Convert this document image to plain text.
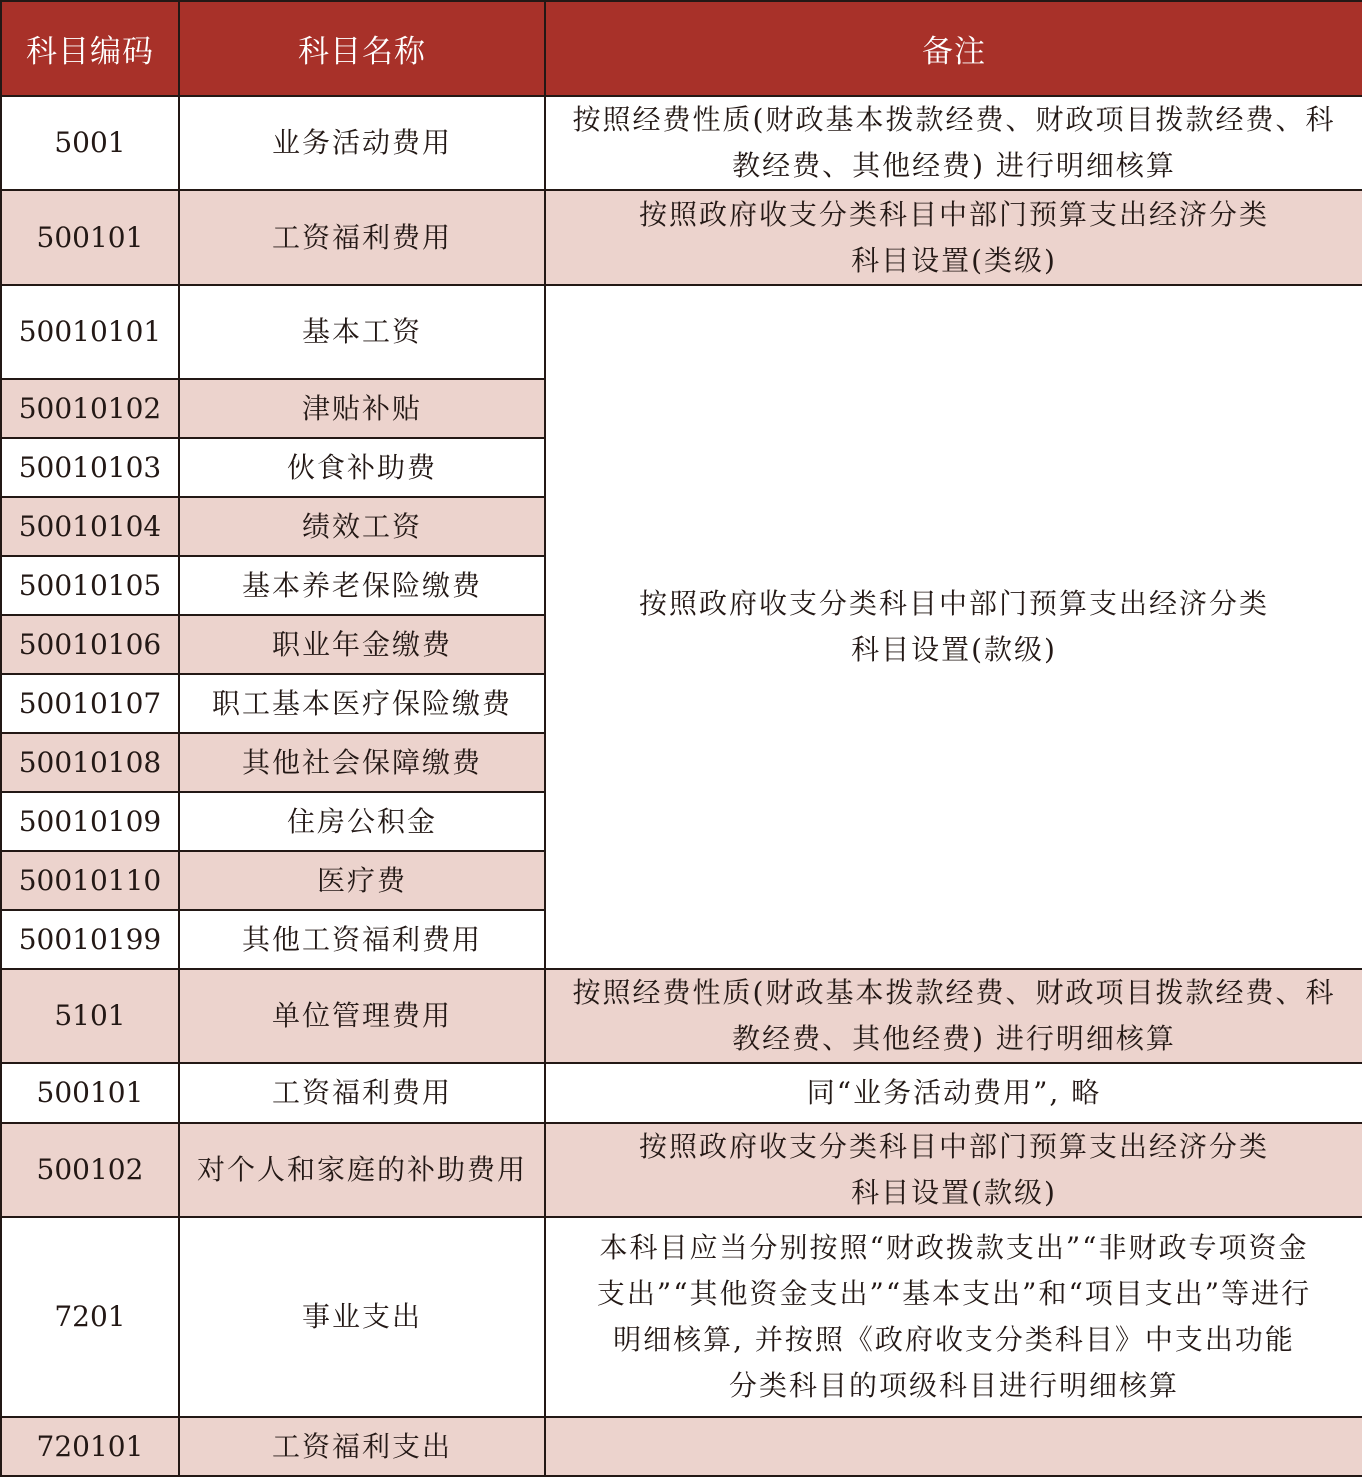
科目编码	科目名称	备注
5001	业务活动费用	按照经费性质(财政基本拨款经费、财政项目拨款经费、科
教经费、其他经费) 进行明细核算

500101	工资福利费用	按照政府收支分类科目中部门预算支出经济分类
科目设置(类级)

50010101	基本工资	按照政府收支分类科目中部门预算支出经济分类
科目设置(款级)

50010102	津贴补贴	
50010103	伙食补助费	
50010104	绩效工资	
50010105	基本养老保险缴费	
50010106	职业年金缴费	
50010107	职工基本医疗保险缴费	
50010108	其他社会保障缴费	
50010109	住房公积金	
50010110	医疗费	
50010199	其他工资福利费用	
5101	单位管理费用	按照经费性质(财政基本拨款经费、财政项目拨款经费、科
教经费、其他经费) 进行明细核算

500101	工资福利费用	同“业务活动费用”, 略

500102	对个人和家庭的补助费用	按照政府收支分类科目中部门预算支出经济分类
科目设置(款级)

7201	事业支出	本科目应当分别按照“财政拨款支出”“非财政专项资金
支出”“其他资金支出”“基本支出”和“项目支出”等进行
明细核算, 并按照《政府收支分类科目》中支出功能
分类科目的项级科目进行明细核算

720101	工资福利支出	
